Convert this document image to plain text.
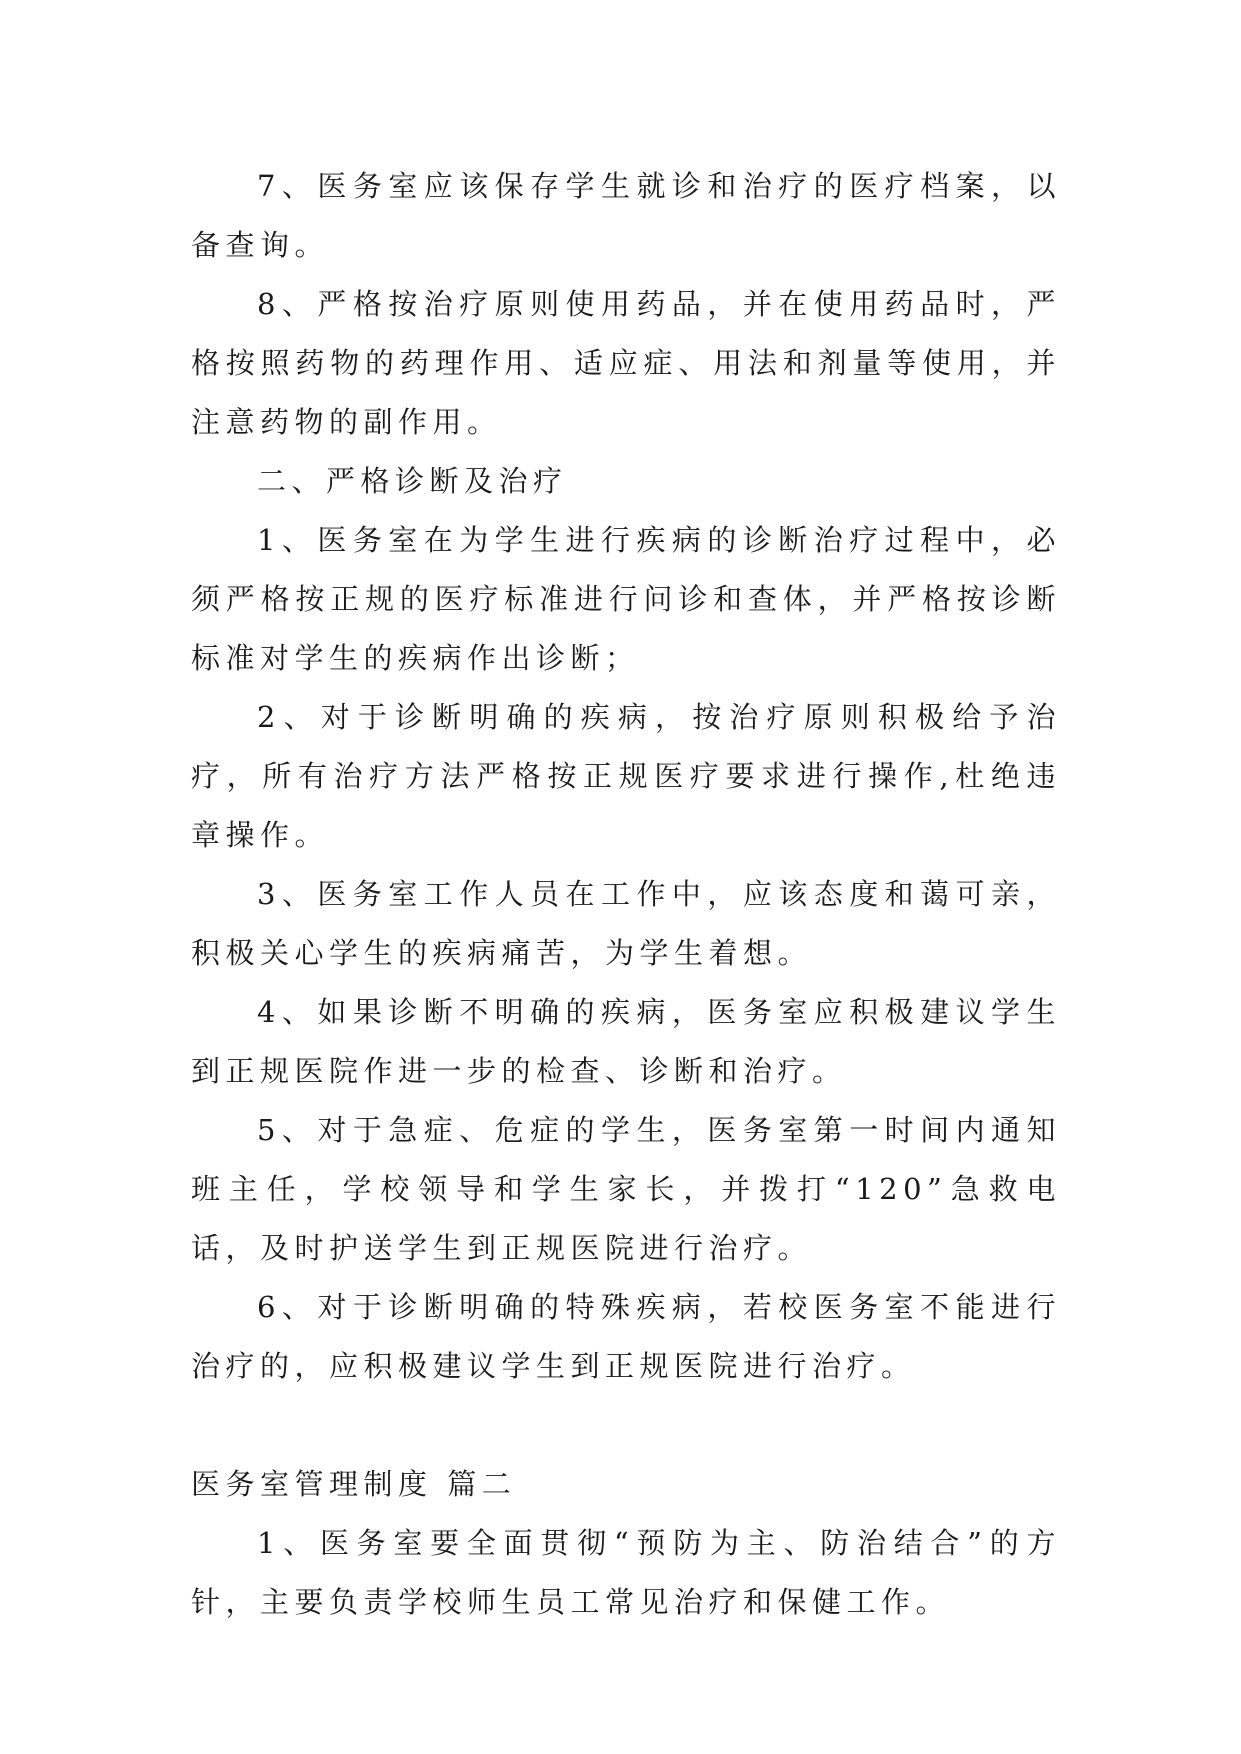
7、医务室应该保存学生就诊和治疗的医疗档案，以备查询。

8、严格按治疗原则使用药品，并在使用药品时，严格按照药物的药理作用、适应症、用法和剂量等使用，并注意药物的副作用。

二、严格诊断及治疗

1、医务室在为学生进行疾病的诊断治疗过程中，必须严格按正规的医疗标准进行问诊和查体，并严格按诊断标准对学生的疾病作出诊断；

2、对于诊断明确的疾病，按治疗原则积极给予治疗，所有治疗方法严格按正规医疗要求进行操作,杜绝违章操作。

3、医务室工作人员在工作中，应该态度和蔼可亲，积极关心学生的疾病痛苦，为学生着想。

4、如果诊断不明确的疾病，医务室应积极建议学生到正规医院作进一步的检查、诊断和治疗。

5、对于急症、危症的学生，医务室第一时间内通知班主任，学校领导和学生家长，并拨打“120”急救电话，及时护送学生到正规医院进行治疗。

6、对于诊断明确的特殊疾病，若校医务室不能进行治疗的，应积极建议学生到正规医院进行治疗。

医务室管理制度 篇二

1、医务室要全面贯彻“预防为主、防治结合”的方针，主要负责学校师生员工常见治疗和保健工作。
